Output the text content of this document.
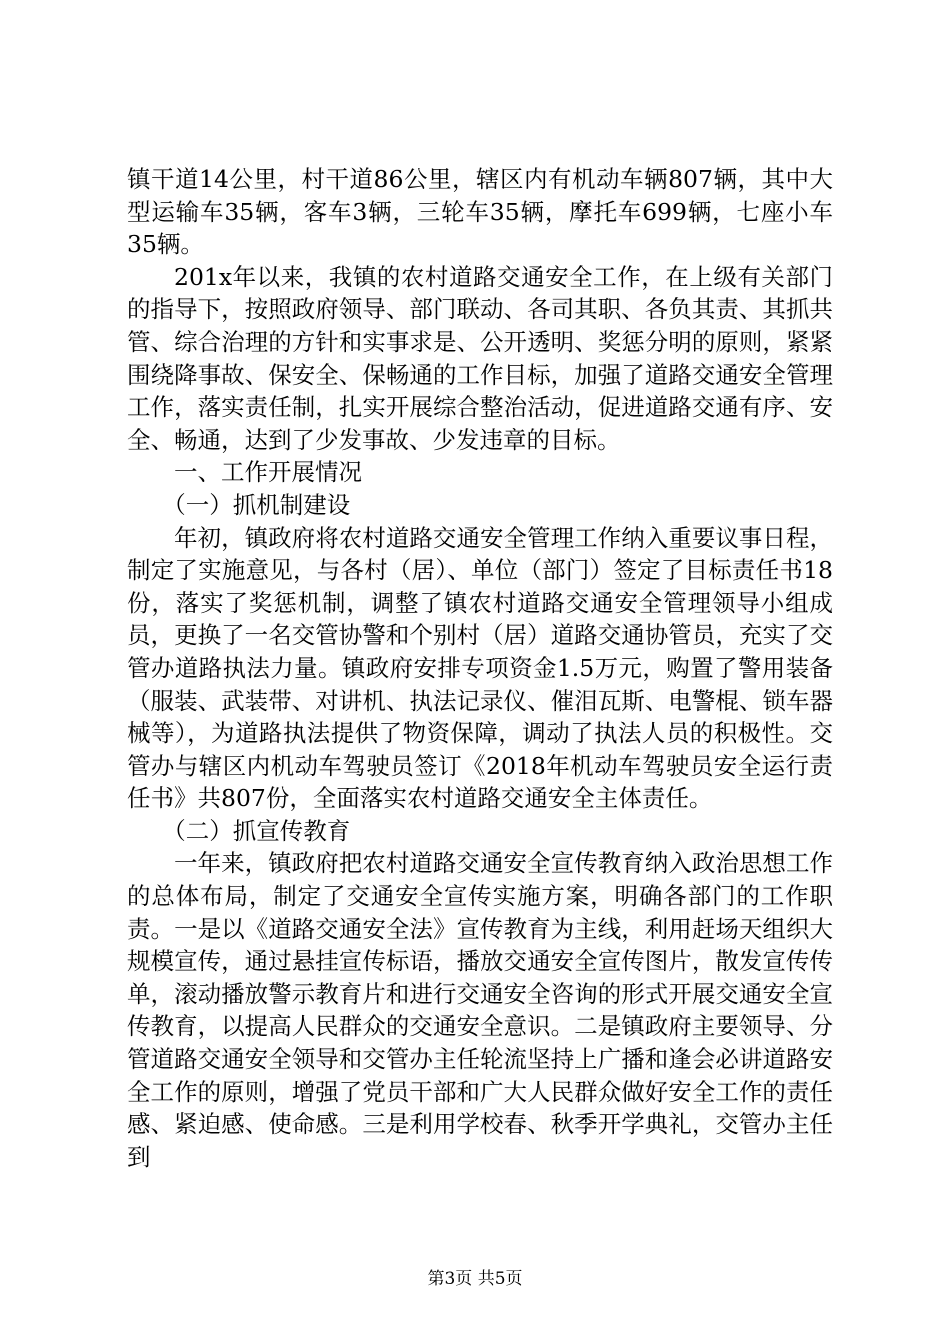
镇干道14公里，村干道86公里，辖区内有机动车辆807辆，其中大型运输车35辆，客车3辆，三轮车35辆，摩托车699辆，七座小车35辆。

201x年以来，我镇的农村道路交通安全工作，在上级有关部门的指导下，按照政府领导、部门联动、各司其职、各负其责、其抓共管、综合治理的方针和实事求是、公开透明、奖惩分明的原则，紧紧围绕降事故、保安全、保畅通的工作目标，加强了道路交通安全管理工作，落实责任制，扎实开展综合整治活动，促进道路交通有序、安全、畅通，达到了少发事故、少发违章的目标。

一、工作开展情况

（一）抓机制建设

年初，镇政府将农村道路交通安全管理工作纳入重要议事日程，制定了实施意见，与各村（居）、单位（部门）签定了目标责任书18份，落实了奖惩机制，调整了镇农村道路交通安全管理领导小组成员，更换了一名交管协警和个别村（居）道路交通协管员，充实了交管办道路执法力量。镇政府安排专项资金1.5万元，购置了警用装备（服装、武装带、对讲机、执法记录仪、催泪瓦斯、电警棍、锁车器械等），为道路执法提供了物资保障，调动了执法人员的积极性。交管办与辖区内机动车驾驶员签订《2018年机动车驾驶员安全运行责任书》共807份，全面落实农村道路交通安全主体责任。

（二）抓宣传教育

一年来，镇政府把农村道路交通安全宣传教育纳入政治思想工作的总体布局，制定了交通安全宣传实施方案，明确各部门的工作职责。一是以《道路交通安全法》宣传教育为主线，利用赶场天组织大规模宣传，通过悬挂宣传标语，播放交通安全宣传图片，散发宣传传单，滚动播放警示教育片和进行交通安全咨询的形式开展交通安全宣传教育，以提高人民群众的交通安全意识。二是镇政府主要领导、分管道路交通安全领导和交管办主任轮流坚持上广播和逢会必讲道路安全工作的原则，增强了党员干部和广大人民群众做好安全工作的责任感、紧迫感、使命感。三是利用学校春、秋季开学典礼，交管办主任到

第3页 共5页
